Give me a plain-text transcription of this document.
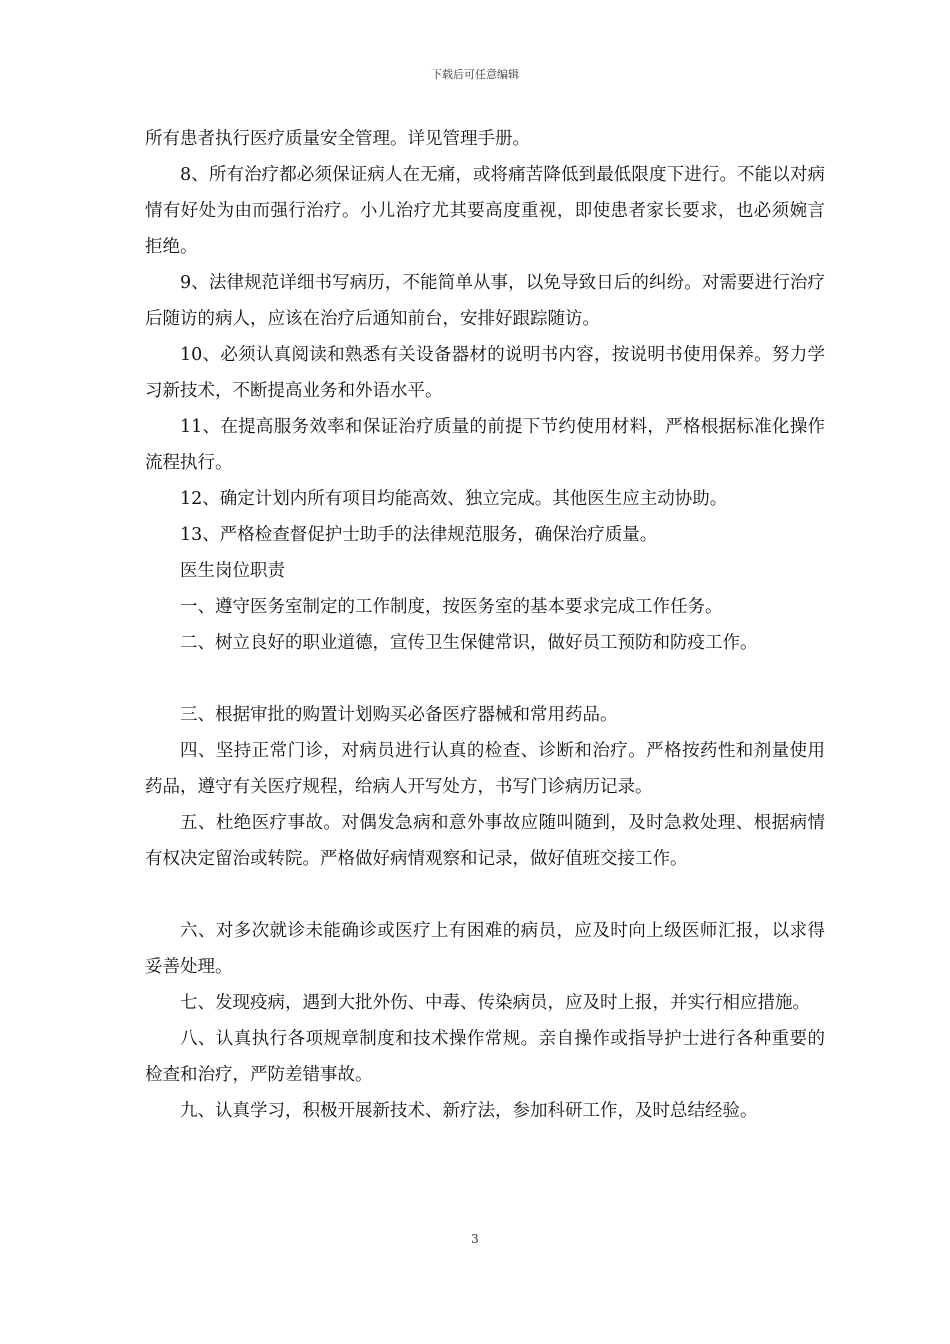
下载后可任意编辑

所有患者执行医疗质量安全管理。详见管理手册。

8、所有治疗都必须保证病人在无痛，或将痛苦降低到最低限度下进行。不能以对病情有好处为由而强行治疗。小儿治疗尤其要高度重视，即使患者家长要求，也必须婉言拒绝。

9、法律规范详细书写病历，不能简单从事，以免导致日后的纠纷。对需要进行治疗后随访的病人，应该在治疗后通知前台，安排好跟踪随访。

10、必须认真阅读和熟悉有关设备器材的说明书内容，按说明书使用保养。努力学习新技术，不断提高业务和外语水平。

11、在提高服务效率和保证治疗质量的前提下节约使用材料，严格根据标准化操作流程执行。

12、确定计划内所有项目均能高效、独立完成。其他医生应主动协助。

13、严格检查督促护士助手的法律规范服务，确保治疗质量。

医生岗位职责

一、遵守医务室制定的工作制度，按医务室的基本要求完成工作任务。

二、树立良好的职业道德，宣传卫生保健常识，做好员工预防和防疫工作。

三、根据审批的购置计划购买必备医疗器械和常用药品。

四、坚持正常门诊，对病员进行认真的检查、诊断和治疗。严格按药性和剂量使用药品，遵守有关医疗规程，给病人开写处方，书写门诊病历记录。

五、杜绝医疗事故。对偶发急病和意外事故应随叫随到，及时急救处理、根据病情有权决定留治或转院。严格做好病情观察和记录，做好值班交接工作。

六、对多次就诊未能确诊或医疗上有困难的病员，应及时向上级医师汇报，以求得妥善处理。

七、发现疫病，遇到大批外伤、中毒、传染病员，应及时上报，并实行相应措施。

八、认真执行各项规章制度和技术操作常规。亲自操作或指导护士进行各种重要的检查和治疗，严防差错事故。

九、认真学习，积极开展新技术、新疗法，参加科研工作，及时总结经验。

3
